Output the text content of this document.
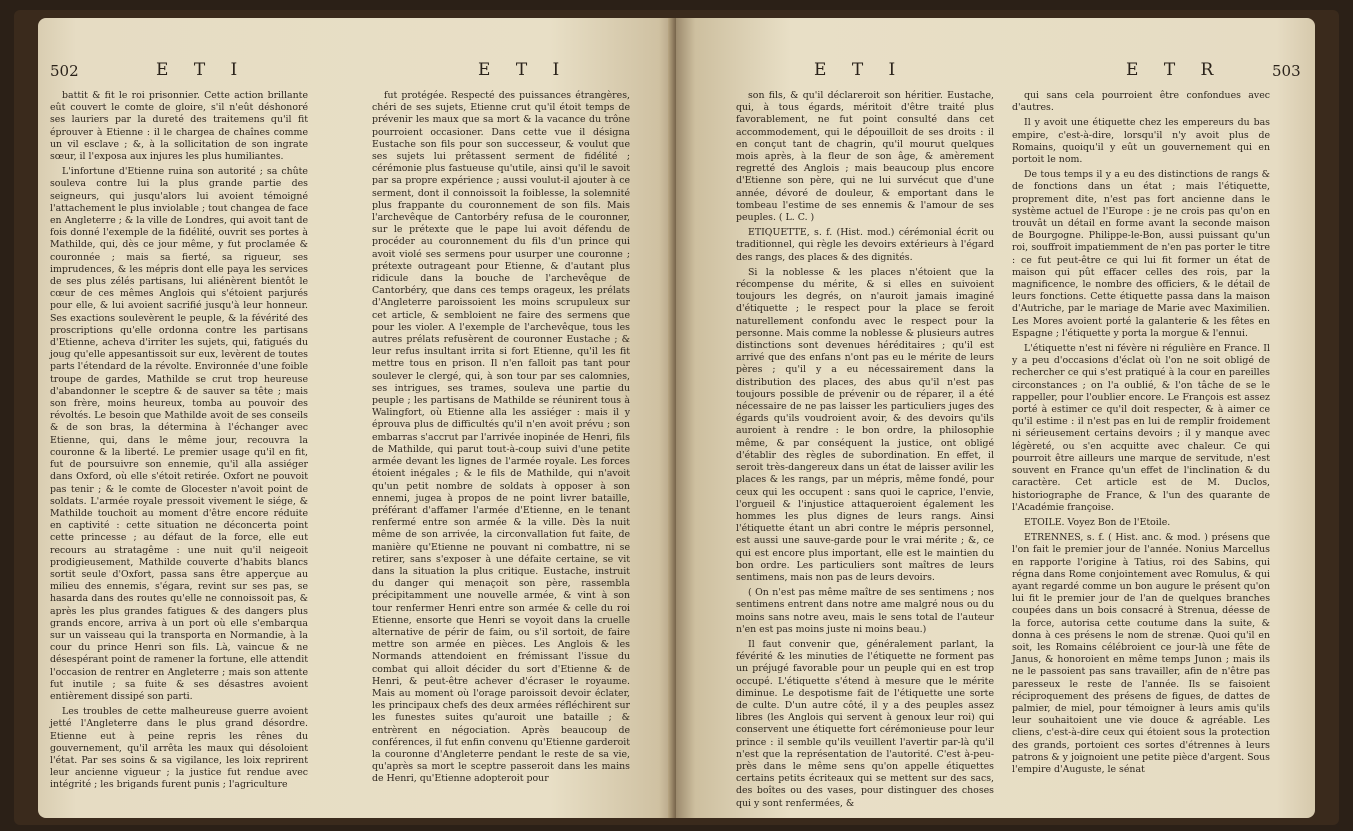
502	E T I	E T I

battit & fit le roi prisonnier. Cette action brillante eût couvert le comte de gloire, s'il n'eût déshonoré ses lauriers par la dureté des traitemens qu'il fit éprouver à Etienne : il le chargea de chaînes comme un vil esclave ; &, à la sollicitation de son ingrate sœur, il l'exposa aux injures les plus humiliantes.

L'infortune d'Etienne ruina son autorité ; sa chûte souleva contre lui la plus grande partie des seigneurs, qui jusqu'alors lui avoient témoigné l'attachement le plus inviolable ; tout changea de face en Angleterre ; & la ville de Londres, qui avoit tant de fois donné l'exemple de la fidélité, ouvrit ses portes à Mathilde, qui, dès ce jour même, y fut proclamée & couronnée ; mais sa fierté, sa rigueur, ses imprudences, & les mépris dont elle paya les services de ses plus zélés partisans, lui aliénèrent bientôt le cœur de ces mêmes Anglois qui s'étoient parjurés pour elle, & lui avoient sacrifié jusqu'à leur honneur. Ses exactions soulevèrent le peuple, & la févérité des proscriptions qu'elle ordonna contre les partisans d'Etienne, acheva d'irriter les sujets, qui, fatigués du joug qu'elle appesantissoit sur eux, levèrent de toutes parts l'étendard de la révolte. Environnée d'une foible troupe de gardes, Mathilde se crut trop heureuse d'abandonner le sceptre & de sauver sa tête ; mais son frère, moins heureux, tomba au pouvoir des révoltés. Le besoin que Mathilde avoit de ses conseils & de son bras, la détermina à l'échanger avec Etienne, qui, dans le même jour, recouvra la couronne & la liberté. Le premier usage qu'il en fit, fut de poursuivre son ennemie, qu'il alla assiéger dans Oxford, où elle s'étoit retirée. Oxfort ne pouvoit pas tenir ; & le comte de Glocester n'avoit point de soldats. L'armée royale pressoit vivement le siége, & Mathilde touchoit au moment d'être encore réduite en captivité : cette situation ne déconcerta point cette princesse ; au défaut de la force, elle eut recours au stratagême : une nuit qu'il neigeoit prodigieusement, Mathilde couverte d'habits blancs sortit seule d'Oxfort, passa sans être apperçue au milieu des ennemis, s'égara, revint sur ses pas, se hasarda dans des routes qu'elle ne connoissoit pas, & après les plus grandes fatigues & des dangers plus grands encore, arriva à un port où elle s'embarqua sur un vaisseau qui la transporta en Normandie, à la cour du prince Henri son fils. Là, vaincue & ne désespérant point de ramener la fortune, elle attendit l'occasion de rentrer en Angleterre ; mais son attente fut inutile ; sa fuite & ses désastres avoient entièrement dissipé son parti.

Les troubles de cette malheureuse guerre avoient jetté l'Angleterre dans le plus grand désordre. Etienne eut à peine repris les rênes du gouvernement, qu'il arrêta les maux qui désoloient l'état. Par ses soins & sa vigilance, les loix reprirent leur ancienne vigueur ; la justice fut rendue avec intégrité ; les brigands furent punis ; l'agriculture

fut protégée. Respecté des puissances étrangères, chéri de ses sujets, Etienne crut qu'il étoit temps de prévenir les maux que sa mort & la vacance du trône pourroient occasioner. Dans cette vue il désigna Eustache son fils pour son successeur, & voulut que ses sujets lui prêtassent serment de fidélité ; cérémonie plus fastueuse qu'utile, ainsi qu'il le savoit par sa propre expérience ; aussi voulut-il ajouter à ce serment, dont il connoissoit la foiblesse, la solemnité plus frappante du couronnement de son fils. Mais l'archevêque de Cantorbéry refusa de le couronner, sur le prétexte que le pape lui avoit défendu de procéder au couronnement du fils d'un prince qui avoit violé ses sermens pour usurper une couronne ; prétexte outrageant pour Etienne, & d'autant plus ridicule dans la bouche de l'archevêque de Cantorbéry, que dans ces temps orageux, les prélats d'Angleterre paroissoient les moins scrupuleux sur cet article, & sembloient ne faire des sermens que pour les violer. A l'exemple de l'archevêque, tous les autres prélats refusèrent de couronner Eustache ; & leur refus insultant irrita si fort Etienne, qu'il les fit mettre tous en prison. Il n'en falloit pas tant pour soulever le clergé, qui, à son tour par ses calomnies, ses intrigues, ses trames, souleva une partie du peuple ; les partisans de Mathilde se réunirent tous à Walingfort, où Etienne alla les assiéger : mais il y éprouva plus de difficultés qu'il n'en avoit prévu ; son embarras s'accrut par l'arrivée inopinée de Henri, fils de Mathilde, qui parut tout-à-coup suivi d'une petite armée devant les lignes de l'armée royale. Les forces étoient inégales ; & le fils de Mathilde, qui n'avoit qu'un petit nombre de soldats à opposer à son ennemi, jugea à propos de ne point livrer bataille, préférant d'affamer l'armée d'Etienne, en le tenant renfermé entre son armée & la ville. Dès la nuit même de son arrivée, la circonvallation fut faite, de manière qu'Etienne ne pouvant ni combattre, ni se retirer, sans s'exposer à une défaite certaine, se vit dans la situation la plus critique. Eustache, instruit du danger qui menaçoit son père, rassembla précipitamment une nouvelle armée, & vint à son tour renfermer Henri entre son armée & celle du roi Etienne, ensorte que Henri se voyoit dans la cruelle alternative de périr de faim, ou s'il sortoit, de faire mettre son armée en pièces. Les Anglois & les Normands attendoient en frémissant l'issue du combat qui alloit décider du sort d'Etienne & de Henri, & peut-être achever d'écraser le royaume. Mais au moment où l'orage paroissoit devoir éclater, les principaux chefs des deux armées réfléchirent sur les funestes suites qu'auroit une bataille ; & entrèrent en négociation. Après beaucoup de conférences, il fut enfin convenu qu'Etienne garderoit la couronne d'Angleterre pendant le reste de sa vie, qu'après sa mort le sceptre passeroit dans les mains de Henri, qu'Etienne adopteroit pour

E T I	E T R	503

son fils, & qu'il déclareroit son héritier. Eustache, qui, à tous égards, méritoit d'être traité plus favorablement, ne fut point consulté dans cet accommodement, qui le dépouilloit de ses droits : il en conçut tant de chagrin, qu'il mourut quelques mois après, à la fleur de son âge, & amèrement regretté des Anglois ; mais beaucoup plus encore d'Etienne son père, qui ne lui survécut que d'une année, dévoré de douleur, & emportant dans le tombeau l'estime de ses ennemis & l'amour de ses peuples. ( L. C. )

ETIQUETTE, s. f. (Hist. mod.) cérémonial écrit ou traditionnel, qui règle les devoirs extérieurs à l'égard des rangs, des places & des dignités.

Si la noblesse & les places n'étoient que la récompense du mérite, & si elles en suivoient toujours les degrés, on n'auroit jamais imaginé d'étiquette ; le respect pour la place se feroit naturellement confondu avec le respect pour la personne. Mais comme la noblesse & plusieurs autres distinctions sont devenues héréditaires ; qu'il est arrivé que des enfans n'ont pas eu le mérite de leurs pères ; qu'il y a eu nécessairement dans la distribution des places, des abus qu'il n'est pas toujours possible de prévenir ou de réparer, il a été nécessaire de ne pas laisser les particuliers juges des égards qu'ils voudroient avoir, & des devoirs qu'ils auroient à rendre : le bon ordre, la philosophie même, & par conséquent la justice, ont obligé d'établir des règles de subordination. En effet, il seroit très-dangereux dans un état de laisser avilir les places & les rangs, par un mépris, même fondé, pour ceux qui les occupent : sans quoi le caprice, l'envie, l'orgueil & l'injustice attaqueroient également les hommes les plus dignes de leurs rangs. Ainsi l'étiquette étant un abri contre le mépris personnel, est aussi une sauve-garde pour le vrai mérite ; &, ce qui est encore plus important, elle est le maintien du bon ordre. Les particuliers sont maîtres de leurs sentimens, mais non pas de leurs devoirs.

( On n'est pas même maître de ses sentimens ; nos sentimens entrent dans notre ame malgré nous ou du moins sans notre aveu, mais le sens total de l'auteur n'en est pas moins juste ni moins beau.)

Il faut convenir que, généralement parlant, la févérité & les minuties de l'étiquette ne forment pas un préjugé favorable pour un peuple qui en est trop occupé. L'étiquette s'étend à mesure que le mérite diminue. Le despotisme fait de l'étiquette une sorte de culte. D'un autre côté, il y a des peuples assez libres (les Anglois qui servent à genoux leur roi) qui conservent une étiquette fort cérémonieuse pour leur prince : il semble qu'ils veuillent l'avertir par-là qu'il n'est que la représentation de l'autorité. C'est à-peu-près dans le même sens qu'on appelle étiquettes certains petits écriteaux qui se mettent sur des sacs, des boîtes ou des vases, pour distinguer des choses qui y sont renfermées, &

qui sans cela pourroient être confondues avec d'autres.

Il y avoit une étiquette chez les empereurs du bas empire, c'est-à-dire, lorsqu'il n'y avoit plus de Romains, quoiqu'il y eût un gouvernement qui en portoit le nom.

De tous temps il y a eu des distinctions de rangs & de fonctions dans un état ; mais l'étiquette, proprement dite, n'est pas fort ancienne dans le système actuel de l'Europe : je ne crois pas qu'on en trouvât un détail en forme avant la seconde maison de Bourgogne. Philippe-le-Bon, aussi puissant qu'un roi, souffroit impatiemment de n'en pas porter le titre : ce fut peut-être ce qui lui fit former un état de maison qui pût effacer celles des rois, par la magnificence, le nombre des officiers, & le détail de leurs fonctions. Cette étiquette passa dans la maison d'Autriche, par le mariage de Marie avec Maximilien. Les Mores avoient porté la galanterie & les fêtes en Espagne ; l'étiquette y porta la morgue & l'ennui.

L'étiquette n'est ni févère ni régulière en France. Il y a peu d'occasions d'éclat où l'on ne soit obligé de rechercher ce qui s'est pratiqué à la cour en pareilles circonstances ; on l'a oublié, & l'on tâche de se le rappeller, pour l'oublier encore. Le François est assez porté à estimer ce qu'il doit respecter, & à aimer ce qu'il estime : il n'est pas en lui de remplir froidement ni sérieusement certains devoirs ; il y manque avec légèreté, ou s'en acquitte avec chaleur. Ce qui pourroit être ailleurs une marque de servitude, n'est souvent en France qu'un effet de l'inclination & du caractère. Cet article est de M. Duclos, historiographe de France, & l'un des quarante de l'Académie françoise.

ETOILE. Voyez Bon de l'Etoile.

ETRENNES, s. f. ( Hist. anc. & mod. ) présens que l'on fait le premier jour de l'année. Nonius Marcellus en rapporte l'origine à Tatius, roi des Sabins, qui régna dans Rome conjointement avec Romulus, & qui ayant regardé comme un bon augure le présent qu'on lui fit le premier jour de l'an de quelques branches coupées dans un bois consacré à Strenua, déesse de la force, autorisa cette coutume dans la suite, & donna à ces présens le nom de strenæ. Quoi qu'il en soit, les Romains célébroient ce jour-là une fête de Janus, & honoroient en même temps Junon ; mais ils ne le passoient pas sans travailler, afin de n'être pas paresseux le reste de l'année. Ils se faisoient réciproquement des présens de figues, de dattes de palmier, de miel, pour témoigner à leurs amis qu'ils leur souhaitoient une vie douce & agréable. Les cliens, c'est-à-dire ceux qui étoient sous la protection des grands, portoient ces sortes d'étrennes à leurs patrons & y joignoient une petite pièce d'argent. Sous l'empire d'Auguste, le sénat
